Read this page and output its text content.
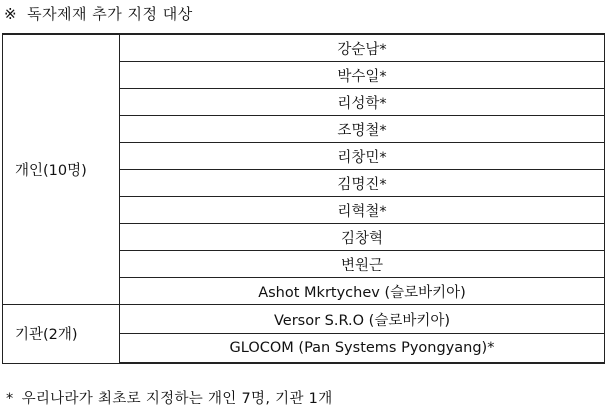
※ 독자제재 추가 지정 대상
개인(10명)	강순남*
	박수일*
	리성학*
	조명철*
	리창민*
	김명진*
	리혁철*
	김창혁
	변원근
	Ashot Mkrtychev (슬로바키아)
기관(2개)	Versor S.R.O (슬로바키아)
	GLOCOM (Pan Systems Pyongyang)*
* 우리나라가 최초로 지정하는 개인 7명, 기관 1개
